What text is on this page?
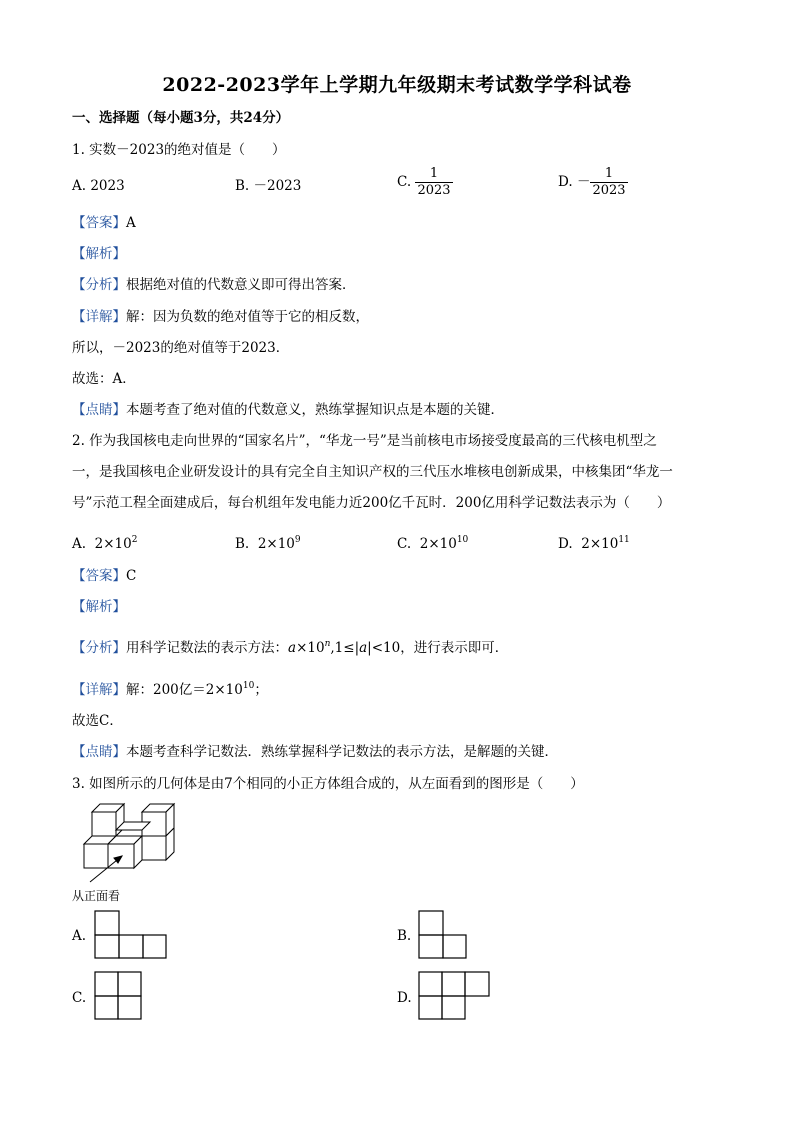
2022-2023学年上学期九年级期末考试数学学科试卷
一、选择题（每小题3分，共24分）
1. 实数－2023的绝对值是（　　）
A. 2023	B. －2023	C. $\frac{1}{2023}$	D. － $\frac{1}{2023}$
【答案】A
【解析】
【分析】根据绝对值的代数意义即可得出答案．
【详解】解：因为负数的绝对值等于它的相反数，
所以，－2023的绝对值等于2023．
故选：A．
【点睛】本题考查了绝对值的代数意义，熟练掌握知识点是本题的关键．
2. 作为我国核电走向世界的“国家名片”，“华龙一号”是当前核电市场接受度最高的三代核电机型之
一，是我国核电企业研发设计的具有完全自主知识产权的三代压水堆核电创新成果，中核集团“华龙一
号”示范工程全面建成后，每台机组年发电能力近200亿千瓦时．200亿用科学记数法表示为（　　）
A. $2\times 10^2$	B. $2\times 10^9$	C. $2\times 10^{10}$	D. $2\times 10^{11}$
【答案】C
【解析】
【分析】用科学记数法的表示方法：$a\times 10^n,1\le|a|<10$，进行表示即可．
【详解】解：200亿$=2\times 10^{10}$；
故选C．
【点睛】本题考查科学记数法．熟练掌握科学记数法的表示方法，是解题的关键．
3. 如图所示的几何体是由7个相同的小正方体组合成的，从左面看到的图形是（　　）
从正面看
A.	B.
C.	D.
